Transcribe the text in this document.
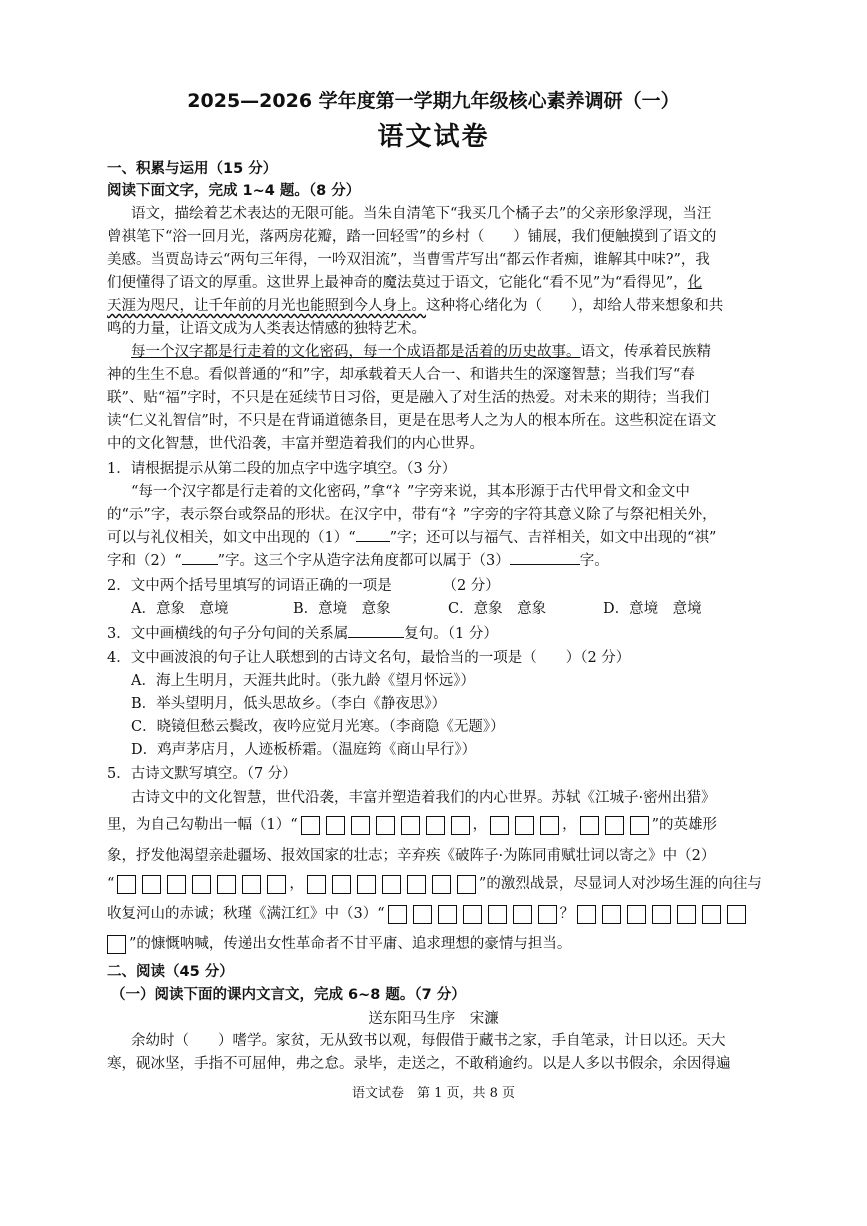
2025—2026 学年度第一学期九年级核心素养调研（一）
语文试卷
一、积累与运用（15 分）
阅读下面文字，完成 1~4 题。（8 分）
语文，描绘着艺术表达的无限可能。当朱自清笔下“我买几个橘子去”的父亲形象浮现，当汪
曾祺笔下“浴一回月光，落两房花瓣，踏一回轻雪”的乡村（　　）铺展，我们便触摸到了语文的
美感。当贾岛诗云“两句三年得，一吟双泪流”，当曹雪芹写出“都云作者痴，谁解其中味?”，我
们便懂得了语文的厚重。这世界上最神奇的魔法莫过于语文，它能化“看不见”为“看得见”，化
天涯为咫尺，让千年前的月光也能照到今人身上。这种将心绪化为（　　），却给人带来想象和共
鸣的力量，让语文成为人类表达情感的独特艺术。
每一个汉字都是行走着的文化密码，每一个成语都是活着的历史故事。语文，传承着民族精
神的生生不息。看似普通的“和”字，却承载着天人合一、和谐共生的深邃智慧；当我们写“春
联”、贴“福”字时，不只是在延续节日习俗，更是融入了对生活的热爱。对未来的期待；当我们
读“仁义礼智信”时，不只是在背诵道德条目，更是在思考人之为人的根本所在。这些积淀在语文
中的文化智慧，世代沿袭，丰富并塑造着我们的内心世界。
1．请根据提示从第二段的加点字中选字填空。（3 分）
“每一个汉字都是行走着的文化密码，”拿“礻”字旁来说，其本形源于古代甲骨文和金文中
的“示”字，表示祭台或祭品的形状。在汉字中，带有“礻”字旁的字符其意义除了与祭祀相关外，
可以与礼仪相关，如文中出现的（1）“ ”字；还可以与福气、吉祥相关，如文中出现的“祺”
字和（2）“ ”字。这三个字从造字法角度都可以属于（3）	字。
2．文中两个括号里填写的词语正确的一项是　　　　（2 分）
A．意象　意境	B．意境　意象	C．意象　意象	D．意境　意境
3．文中画横线的句子分句间的关系属	复句。（1 分）
4．文中画波浪的句子让人联想到的古诗文名句，最恰当的一项是（　　）（2 分）
A．海上生明月，天涯共此时。（张九龄《望月怀远》）
B．举头望明月，低头思故乡。（李白《静夜思》）
C．晓镜但愁云鬓改，夜吟应觉月光寒。（李商隐《无题》）
D．鸡声茅店月，人迹板桥霜。（温庭筠《商山早行》）
5．古诗文默写填空。（7 分）
古诗文中的文化智慧，世代沿袭，丰富并塑造着我们的内心世界。苏轼《江城子·密州出猎》
里，为自己勾勒出一幅（1）“	，	，	”的英雄形
象，抒发他渴望亲赴疆场、报效国家的壮志；辛弃疾《破阵子·为陈同甫赋壮词以寄之》中（2）
“	，	”的激烈战景，尽显词人对沙场生涯的向往与
收复河山的赤诚；秋瑾《满江红》中（3）“	？
”的慷慨呐喊，传递出女性革命者不甘平庸、追求理想的豪情与担当。
二、阅读（45 分）
（一）阅读下面的课内文言文，完成 6~8 题。（7 分）
送东阳马生序　 宋濂
余幼时（　　）嗜学。家贫，无从致书以观，每假借于藏书之家，手自笔录，计日以还。天大
寒，砚冰坚，手指不可屈伸，弗之怠。录毕，走送之，不敢稍逾约。以是人多以书假余，余因得遍
语文试卷　第 1 页，共 8 页
